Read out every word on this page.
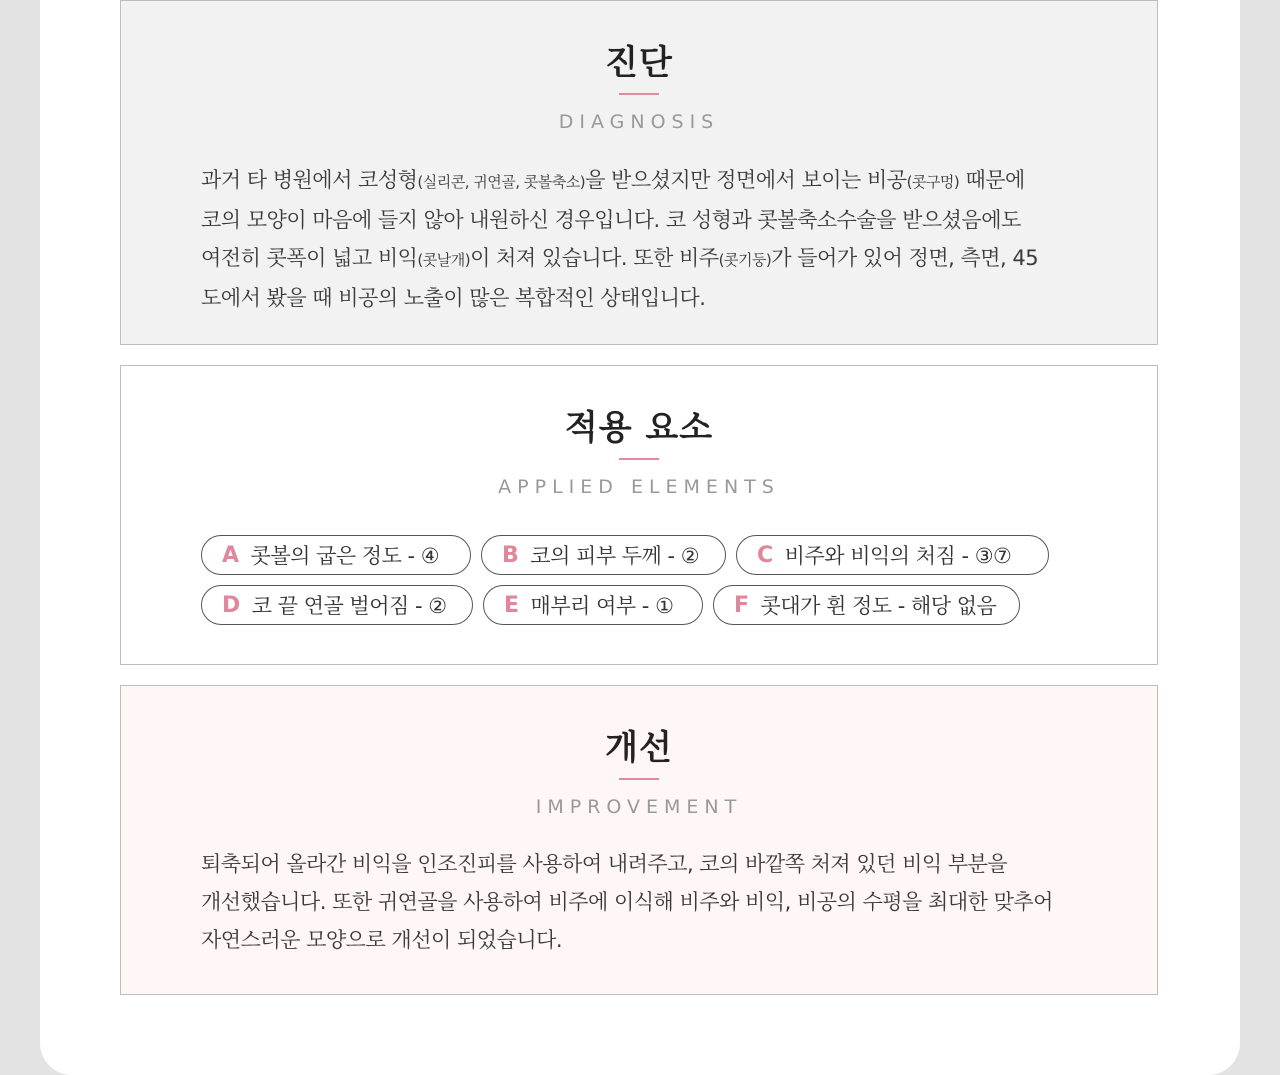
진단
DIAGNOSIS
과거 타 병원에서 코성형(실리콘, 귀연골, 콧볼축소)을 받으셨지만 정면에서 보이는 비공(콧구멍) 때문에
코의 모양이 마음에 들지 않아 내원하신 경우입니다. 코 성형과 콧볼축소수술을 받으셨음에도
여전히 콧폭이 넓고 비익(콧날개)이 처져 있습니다. 또한 비주(콧기둥)가 들어가 있어 정면, 측면, 45
도에서 봤을 때 비공의 노출이 많은 복합적인 상태입니다.
적용 요소
APPLIED ELEMENTS
A 콧볼의 굽은 정도 - ④	B 코의 피부 두께 - ②	C 비주와 비익의 처짐 - ③⑦
D 코 끝 연골 벌어짐 - ②	E 매부리 여부 - ①	F 콧대가 휜 정도 - 해당 없음
개선
IMPROVEMENT
퇴축되어 올라간 비익을 인조진피를 사용하여 내려주고, 코의 바깥쪽 처져 있던 비익 부분을
개선했습니다. 또한 귀연골을 사용하여 비주에 이식해 비주와 비익, 비공의 수평을 최대한 맞추어
자연스러운 모양으로 개선이 되었습니다.
